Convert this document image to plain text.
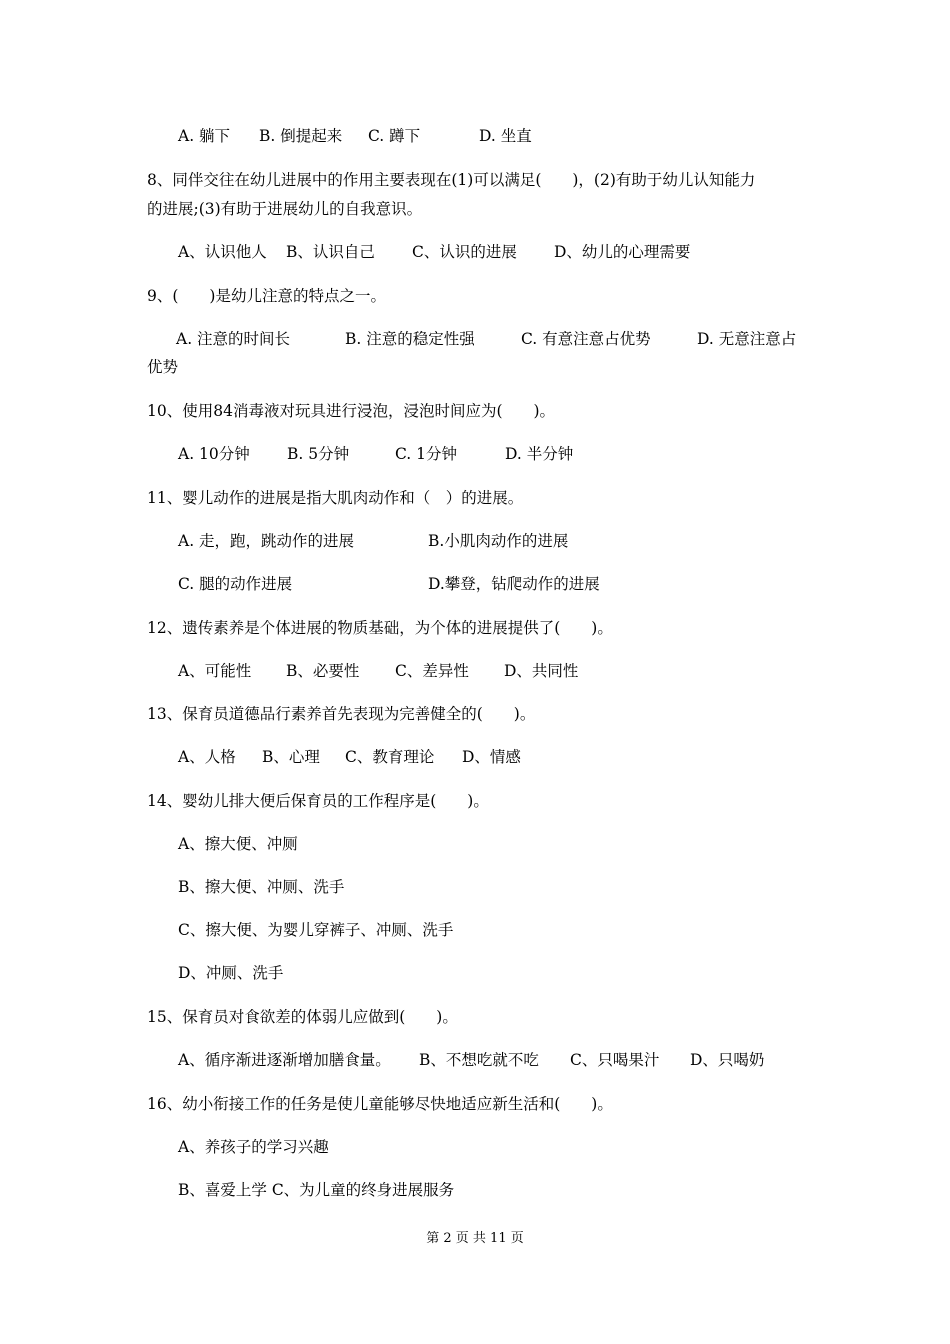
A. 躺下 B. 倒提起来 C. 蹲下	D. 坐直
8、同伴交往在幼儿进展中的作用主要表现在(1)可以满足(　　)，(2)有助于幼儿认知能力
的进展;(3)有助于进展幼儿的自我意识。
A、认识他人 B、认识自己 C、认识的进展 D、幼儿的心理需要
9、(　　)是幼儿注意的特点之一。
A. 注意的时间长	B. 注意的稳定性强	C. 有意注意占优势	D. 无意注意占
优势
10、使用84消毒液对玩具进行浸泡，浸泡时间应为(　　)。
A. 10分钟 B. 5分钟	C. 1分钟	D. 半分钟
11、婴儿动作的进展是指大肌肉动作和（　）的进展。
A. 走，跑，跳动作的进展	B.小肌肉动作的进展
C. 腿的动作进展	D.攀登，钻爬动作的进展
12、遗传素养是个体进展的物质基础，为个体的进展提供了(　　)。
A、可能性 B、必要性 C、差异性 D、共同性
13、保育员道德品行素养首先表现为完善健全的(　　)。
A、人格 B、心理 C、教育理论 D、情感
14、婴幼儿排大便后保育员的工作程序是(　　)。
A、擦大便、冲厕
B、擦大便、冲厕、洗手
C、擦大便、为婴儿穿裤子、冲厕、洗手
D、冲厕、洗手
15、保育员对食欲差的体弱儿应做到(　　)。
A、循序渐进逐渐增加膳食量。 B、不想吃就不吃 C、只喝果汁 D、只喝奶
16、幼小衔接工作的任务是使儿童能够尽快地适应新生活和(　　)。
A、养孩子的学习兴趣
B、喜爱上学 C、为儿童的终身进展服务
第 2 页 共 11 页
